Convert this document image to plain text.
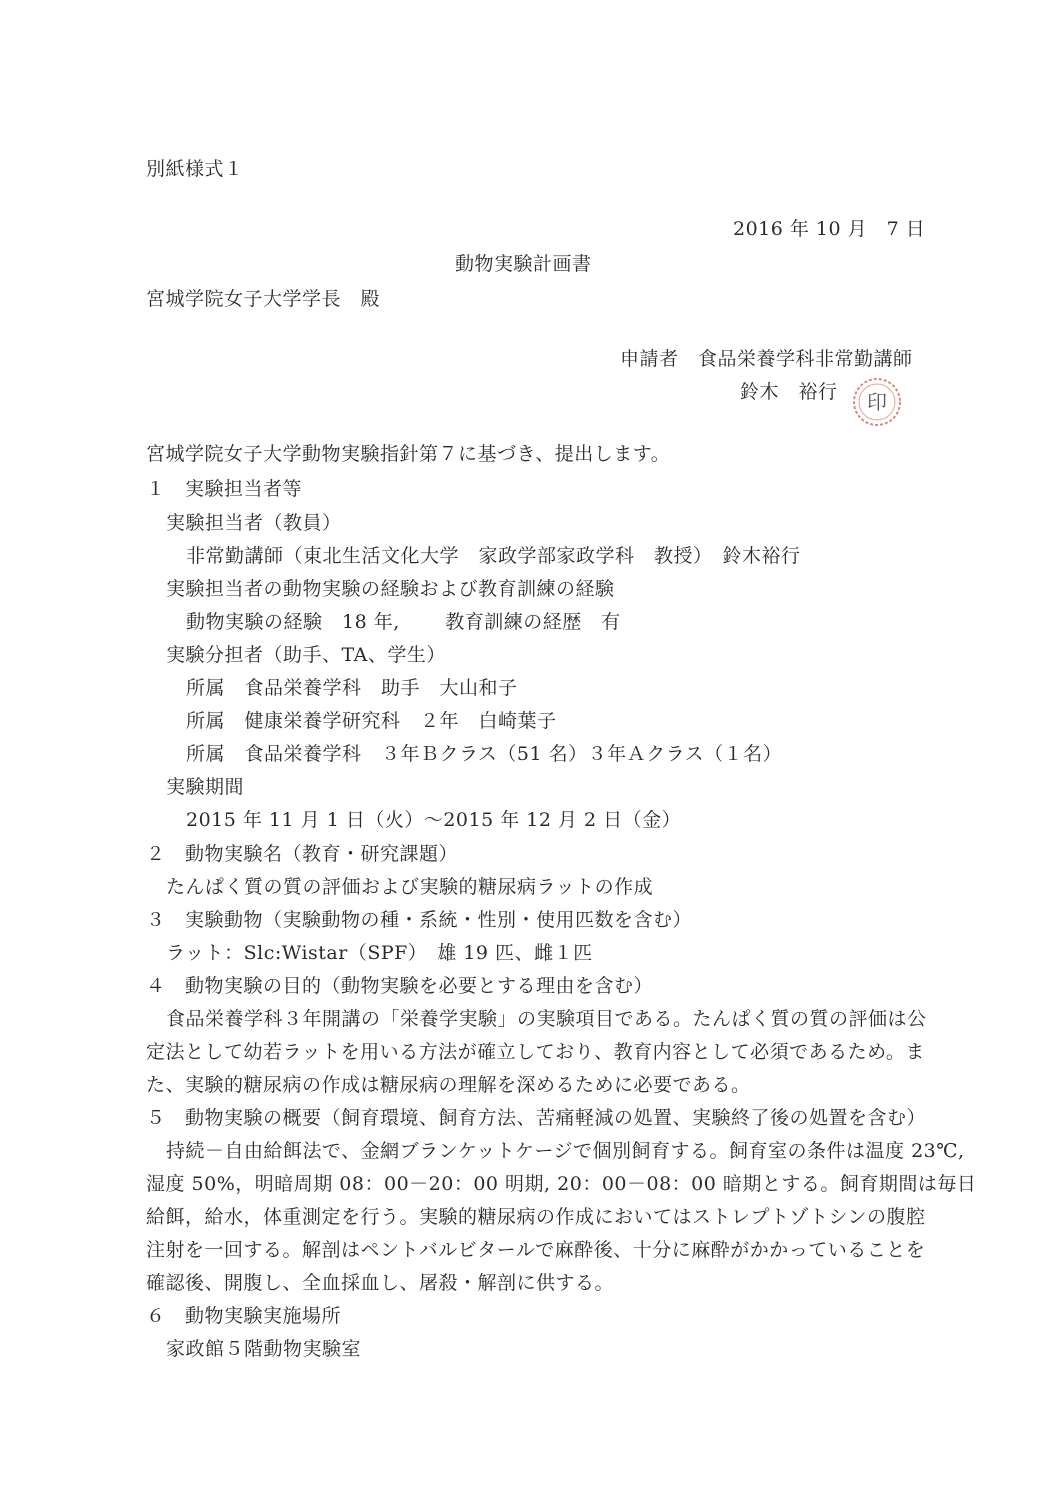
別紙様式１
2016 年 10 月　7 日
動物実験計画書
宮城学院女子大学学長　殿
申請者　食品栄養学科非常勤講師
鈴木　裕行 印
宮城学院女子大学動物実験指針第７に基づき、提出します。
１　実験担当者等
実験担当者（教員）
非常勤講師（東北生活文化大学　家政学部家政学科　教授）　鈴木裕行
実験担当者の動物実験の経験および教育訓練の経験
動物実験の経験　18 年,　　 教育訓練の経歴　有
実験分担者（助手、TA、学生）
所属　食品栄養学科　助手　大山和子
所属　健康栄養学研究科　２年　白崎葉子
所属　食品栄養学科　３年Ｂクラス（51 名）３年Ａクラス（１名）
実験期間
2015 年 11 月 1 日（火）～2015 年 12 月 2 日（金）
２　動物実験名（教育・研究課題）
たんぱく質の質の評価および実験的糖尿病ラットの作成
３　実験動物（実験動物の種・系統・性別・使用匹数を含む）
ラット：Slc:Wistar（SPF）　雄 19 匹、雌１匹
４　動物実験の目的（動物実験を必要とする理由を含む）
食品栄養学科３年開講の「栄養学実験」の実験項目である。たんぱく質の質の評価は公
定法として幼若ラットを用いる方法が確立しており、教育内容として必須であるため。ま
た、実験的糖尿病の作成は糖尿病の理解を深めるために必要である。
５　動物実験の概要（飼育環境、飼育方法、苦痛軽減の処置、実験終了後の処置を含む）
持続－自由給餌法で、金網ブランケットケージで個別飼育する。飼育室の条件は温度 23℃,
湿度 50%，明暗周期 08：00－20：00 明期, 20：00－08：00 暗期とする。飼育期間は毎日
給餌，給水，体重測定を行う。実験的糖尿病の作成においてはストレプトゾトシンの腹腔
注射を一回する。解剖はペントバルビタールで麻酔後、十分に麻酔がかかっていることを
確認後、開腹し、全血採血し、屠殺・解剖に供する。
６　動物実験実施場所
家政館５階動物実験室
